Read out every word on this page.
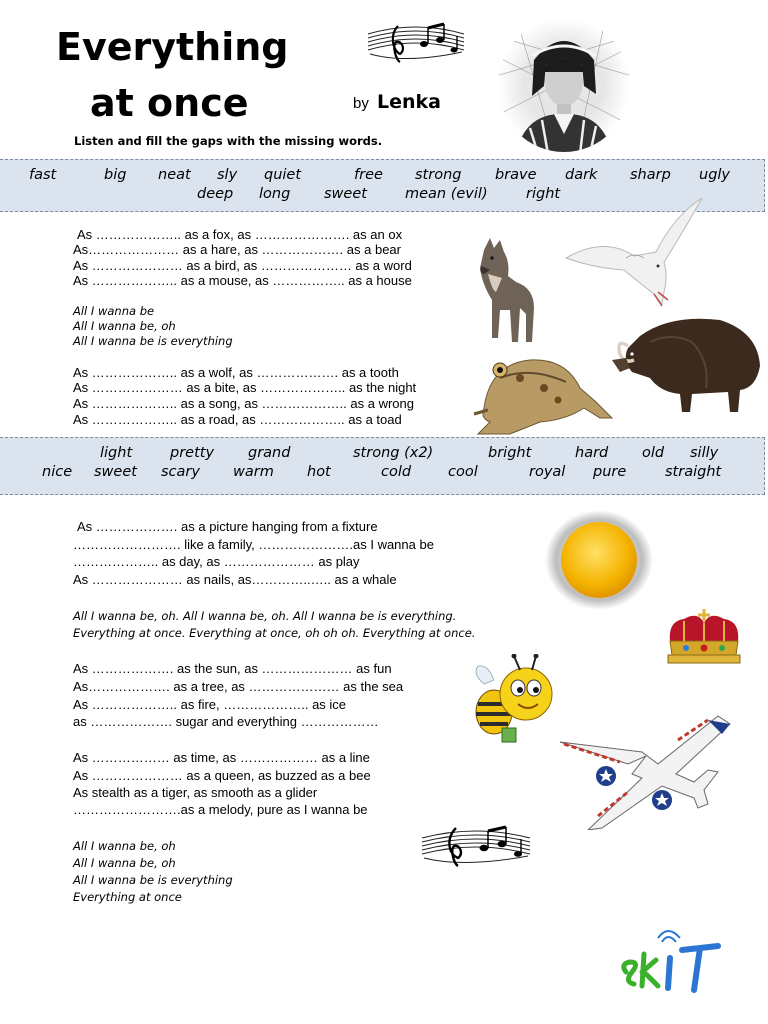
Everything
at once	by Lenka
Listen and fill the gaps with the missing words.
fast	big neat sly quiet	free strong brave dark sharp ugly
deep long sweet	mean (evil)	right
As ……………….. as a fox, as …………………. as an ox
As………………… as a hare, as ………………. as a bear
As ………………… as a bird, as ………………… as a word
As ……………….. as a mouse, as …………….. as a house
All I wanna be
All I wanna be, oh
All I wanna be is everything
As ……………….. as a wolf, as ………………. as a tooth
As ………………… as a bite, as ……………….. as the night
As ……………….. as a song, as ……………….. as a wrong
As ……………….. as a road, as ……………….. as a toad
light	pretty grand	strong (x2)	bright	hard old silly
nice sweet scary warm hot	cold	cool	royal pure	straight
As ………………. as a picture hanging from a fixture
……………………. like a family, ………………….as I wanna be
……………….. as day, as ………………… as play
As ………………… as nails, as…………..….. as a whale
All I wanna be, oh. All I wanna be, oh. All I wanna be is everything.
Everything at once. Everything at once, oh oh oh. Everything at once.
As ………………. as the sun, as ………………… as fun
As………………. as a tree, as ………………… as the sea
As ……………….. as fire, ……………….. as ice
as ………………. sugar and everything ………………
As ……………… as time, as ……………… as a line
As ………………… as a queen, as buzzed as a bee
As stealth as a tiger, as smooth as a glider
…………………….as a melody, pure as I wanna be
All I wanna be, oh
All I wanna be, oh
All I wanna be is everything
Everything at once
